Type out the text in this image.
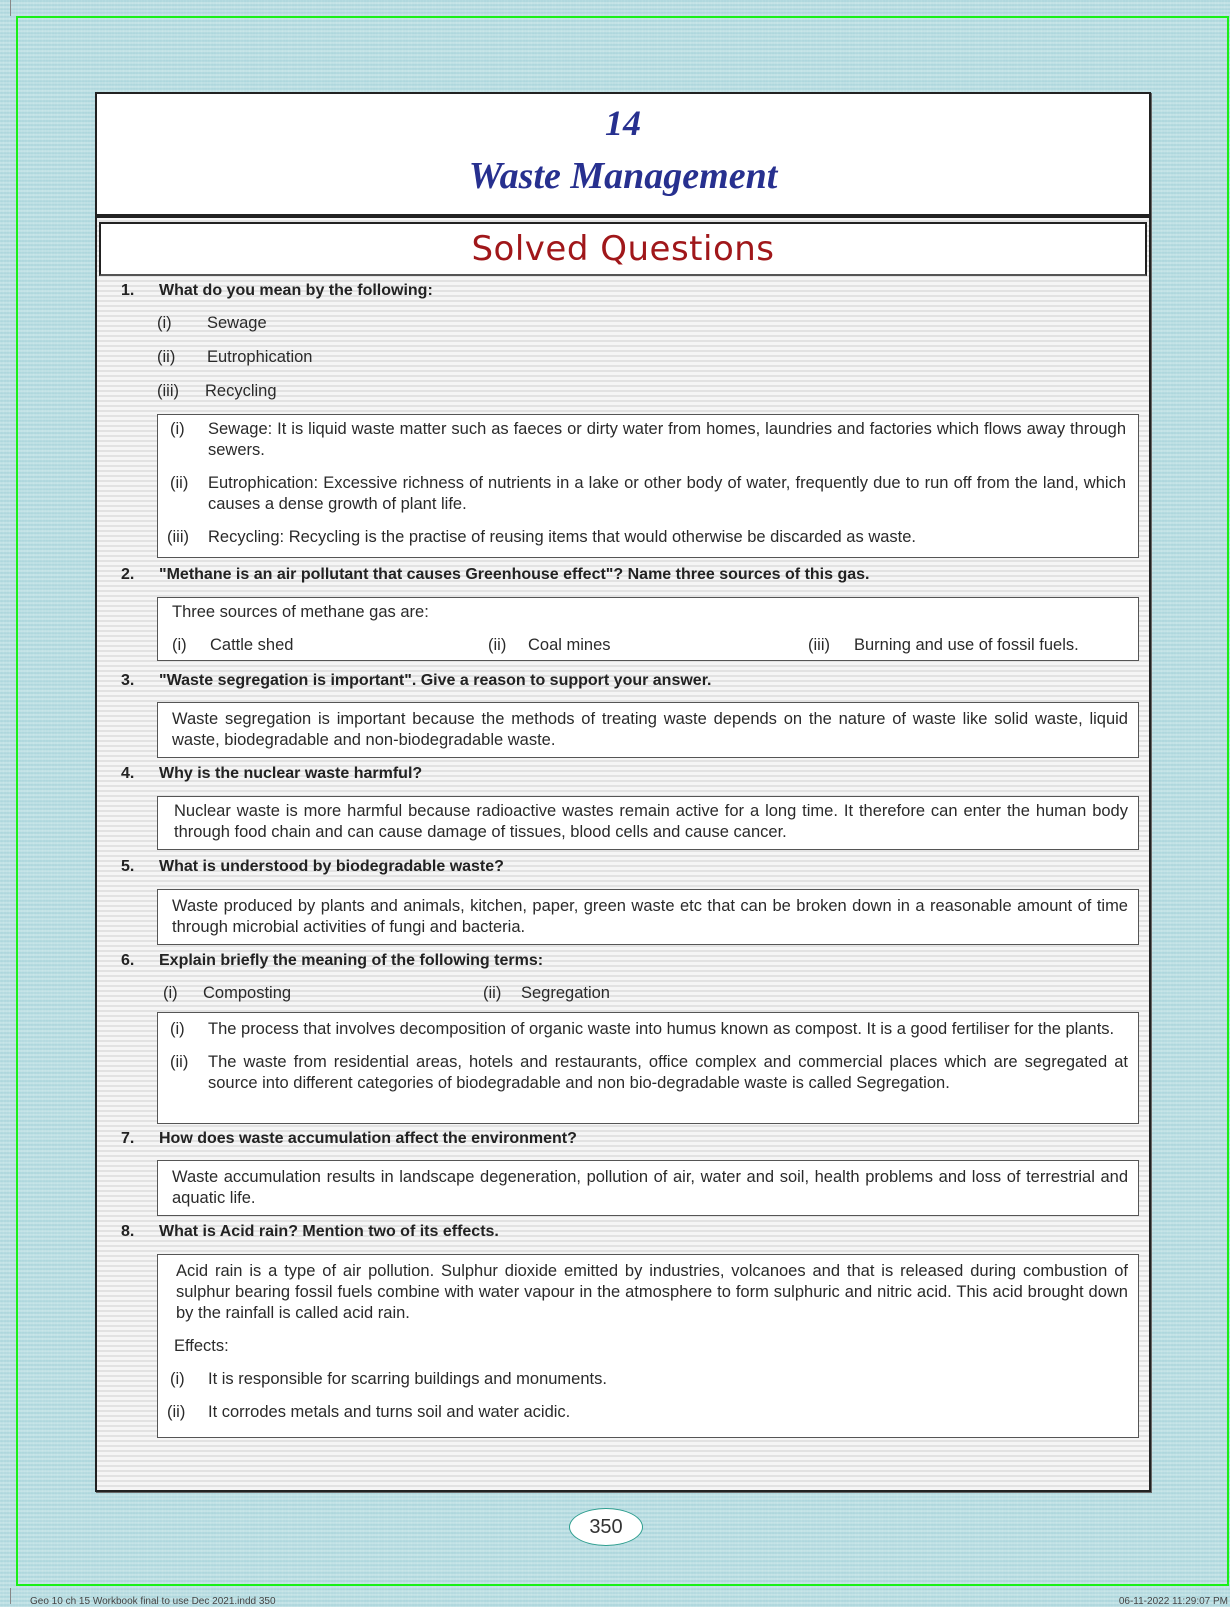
14
Waste Management
Solved Questions
1. What do you mean by the following:
(i) Sewage
(ii) Eutrophication
(iii) Recycling
(i) Sewage: It is liquid waste matter such as faeces or dirty water from homes, laundries and factories which flows away through sewers.
(ii) Eutrophication: Excessive richness of nutrients in a lake or other body of water, frequently due to run off from the land, which causes a dense growth of plant life.
(iii) Recycling: Recycling is the practise of reusing items that would otherwise be discarded as waste.
2. "Methane is an air pollutant that causes Greenhouse effect"? Name three sources of this gas.

Three sources of methane gas are:

(i) Cattle shed	(ii) Coal mines	(iii) Burning and use of fossil fuels.
3. "Waste segregation is important". Give a reason to support your answer.
Waste segregation is important because the methods of treating waste depends on the nature of waste like solid waste, liquid waste, biodegradable and non-biodegradable waste.
4. Why is the nuclear waste harmful?
Nuclear waste is more harmful because radioactive wastes remain active for a long time. It therefore can enter the human body through food chain and can cause damage of tissues, blood cells and cause cancer.
5. What is understood by biodegradable waste?
Waste produced by plants and animals, kitchen, paper, green waste etc that can be broken down in a reasonable amount of time through microbial activities of fungi and bacteria.
6. Explain briefly the meaning of the following terms:
(i) Composting	(ii) Segregation
(i) The process that involves decomposition of organic waste into humus known as compost. It is a good fertiliser for the plants.
(ii) The waste from residential areas, hotels and restaurants, office complex and commercial places which are segregated at source into different categories of biodegradable and non bio-degradable waste is called Segregation.
7. How does waste accumulation affect the environment?
Waste accumulation results in landscape degeneration, pollution of air, water and soil, health problems and loss of terrestrial and aquatic life.
8. What is Acid rain? Mention two of its effects.

Acid rain is a type of air pollution. Sulphur dioxide emitted by industries, volcanoes and that is released during combustion of sulphur bearing fossil fuels combine with water vapour in the atmosphere to form sulphuric and nitric acid. This acid brought down by the rainfall is called acid rain.

Effects:

(i) It is responsible for scarring buildings and monuments.
(ii) It corrodes metals and turns soil and water acidic.
350
Geo 10 ch 15 Workbook final to use Dec 2021.indd 350	06-11-2022 11:29:07 PM
